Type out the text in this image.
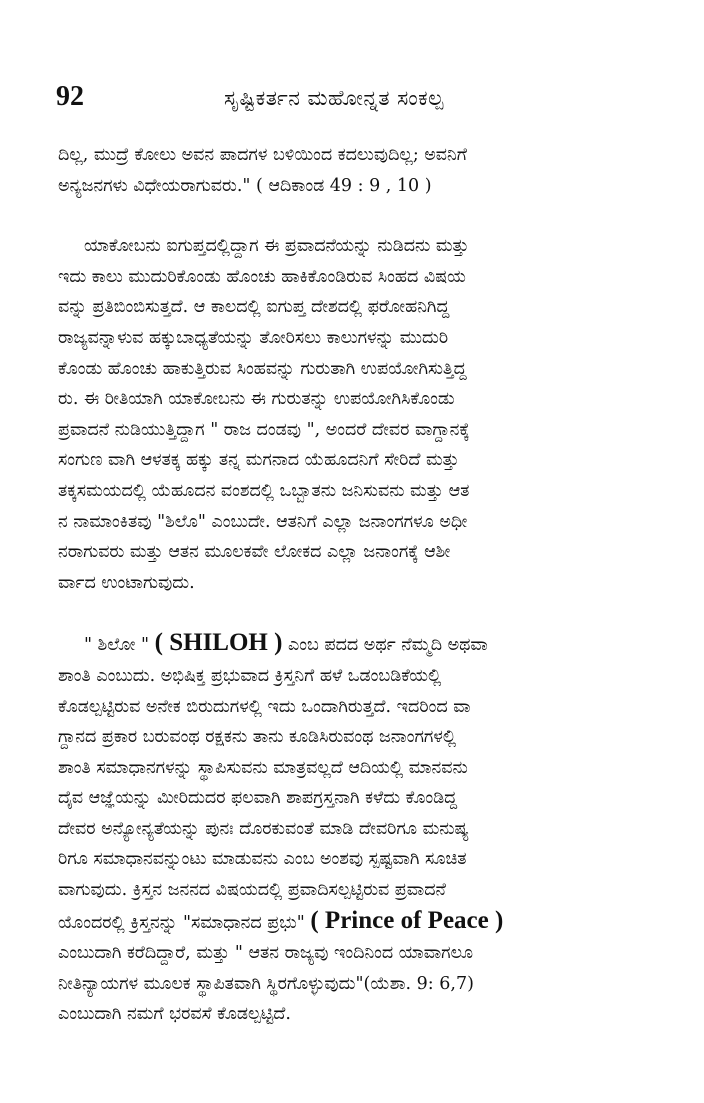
92	ಸೃಷ್ಟಿಕರ್ತನ ಮಹೋನ್ನತ ಸಂಕಲ್ಪ

ದಿಲ್ಲ, ಮುದ್ರೆ ಕೋಲು ಅವನ ಪಾದಗಳ ಬಳಿಯಿಂದ ಕದಲುವುದಿಲ್ಲ; ಅವನಿಗೆ
ಅನ್ಯಜನಗಳು ವಿಧೇಯರಾಗುವರು." ( ಆದಿಕಾಂಡ 49 : 9 , 10 )

ಯಾಕೋಬನು ಐಗುಪ್ತದಲ್ಲಿದ್ದಾಗ ಈ ಪ್ರವಾದನೆಯನ್ನು ನುಡಿದನು ಮತ್ತು
ಇದು ಕಾಲು ಮುದುರಿಕೊಂಡು ಹೊಂಚು ಹಾಕಿಕೊಂಡಿರುವ ಸಿಂಹದ ವಿಷಯ
ವನ್ನು ಪ್ರತಿಬಿಂಬಿಸುತ್ತದೆ. ಆ ಕಾಲದಲ್ಲಿ ಐಗುಪ್ತ ದೇಶದಲ್ಲಿ ಫರೋಹನಿಗಿದ್ದ
ರಾಜ್ಯವನ್ನಾಳುವ ಹಕ್ಕುಬಾಧ್ಯತೆಯನ್ನು ತೋರಿಸಲು ಕಾಲುಗಳನ್ನು ಮುದುರಿ
ಕೊಂಡು ಹೊಂಚು ಹಾಕುತ್ತಿರುವ ಸಿಂಹವನ್ನು ಗುರುತಾಗಿ ಉಪಯೋಗಿಸುತ್ತಿದ್ದ
ರು. ಈ ರೀತಿಯಾಗಿ ಯಾಕೋಬನು ಈ ಗುರುತನ್ನು ಉಪಯೋಗಿಸಿಕೊಂಡು
ಪ್ರವಾದನೆ ನುಡಿಯುತ್ತಿದ್ದಾಗ " ರಾಜ ದಂಡವು ", ಅಂದರೆ ದೇವರ ವಾಗ್ದಾನಕ್ಕೆ
ಸಂಗುಣ ವಾಗಿ ಆಳತಕ್ಕ ಹಕ್ಕು ತನ್ನ ಮಗನಾದ ಯೆಹೂದನಿಗೆ ಸೇರಿದೆ ಮತ್ತು
ತಕ್ಕಸಮಯದಲ್ಲಿ ಯೆಹೂದನ ವಂಶದಲ್ಲಿ ಒಬ್ಬಾತನು ಜನಿಸುವನು ಮತ್ತು ಆತ
ನ ನಾಮಾಂಕಿತವು "ಶಿಲೊ" ಎಂಬುದೇ. ಆತನಿಗೆ ಎಲ್ಲಾ ಜನಾಂಗಗಳೂ ಅಧೀ
ನರಾಗುವರು ಮತ್ತು ಆತನ ಮೂಲಕವೇ ಲೋಕದ ಎಲ್ಲಾ ಜನಾಂಗಕ್ಕೆ ಆಶೀ
ರ್ವಾದ ಉಂಟಾಗುವುದು.

" ಶಿಲೋ " ( SHILOH ) ಎಂಬ ಪದದ ಅರ್ಥ ನೆಮ್ಮದಿ ಅಥವಾ
ಶಾಂತಿ ಎಂಬುದು. ಅಭಿಷಿಕ್ತ ಪ್ರಭುವಾದ ಕ್ರಿಸ್ತನಿಗೆ ಹಳೆ ಒಡಂಬಡಿಕೆಯಲ್ಲಿ
ಕೊಡಲ್ಪಟ್ಟಿರುವ ಅನೇಕ ಬಿರುದುಗಳಲ್ಲಿ ಇದು ಒಂದಾಗಿರುತ್ತದೆ. ಇದರಿಂದ ವಾ
ಗ್ದಾನದ ಪ್ರಕಾರ ಬರುವಂಥ ರಕ್ಷಕನು ತಾನು ಕೂಡಿಸಿರುವಂಥ ಜನಾಂಗಗಳಲ್ಲಿ
ಶಾಂತಿ ಸಮಾಧಾನಗಳನ್ನು ಸ್ಥಾಪಿಸುವನು ಮಾತ್ರವಲ್ಲದೆ ಆದಿಯಲ್ಲಿ ಮಾನವನು
ದೈವ ಆಜ್ಞೆಯನ್ನು ಮೀರಿದುದರ ಫಲವಾಗಿ ಶಾಪಗ್ರಸ್ತನಾಗಿ ಕಳೆದು ಕೊಂಡಿದ್ದ
ದೇವರ ಅನ್ಯೋನ್ಯತೆಯನ್ನು ಪುನಃ ದೊರಕುವಂತೆ ಮಾಡಿ ದೇವರಿಗೂ ಮನುಷ್ಯ
ರಿಗೂ ಸಮಾಧಾನವನ್ನುಂಟು ಮಾಡುವನು ಎಂಬ ಅಂಶವು ಸ್ಪಷ್ಟವಾಗಿ ಸೂಚಿತ
ವಾಗುವುದು. ಕ್ರಿಸ್ತನ ಜನನದ ವಿಷಯದಲ್ಲಿ ಪ್ರವಾದಿಸಲ್ಪಟ್ಟಿರುವ ಪ್ರವಾದನೆ
ಯೊಂದರಲ್ಲಿ ಕ್ರಿಸ್ತನನ್ನು "ಸಮಾಧಾನದ ಪ್ರಭು" ( Prince of Peace )
ಎಂಬುದಾಗಿ ಕರೆದಿದ್ದಾರೆ, ಮತ್ತು " ಆತನ ರಾಜ್ಯವು ಇಂದಿನಿಂದ ಯಾವಾಗಲೂ
ನೀತಿನ್ಯಾಯಗಳ ಮೂಲಕ ಸ್ಥಾಪಿತವಾಗಿ ಸ್ಥಿರಗೊಳ್ಳುವುದು"(ಯೆಶಾ. 9: 6,7)
ಎಂಬುದಾಗಿ ನಮಗೆ ಭರವಸೆ ಕೊಡಲ್ಪಟ್ಟಿದೆ.
